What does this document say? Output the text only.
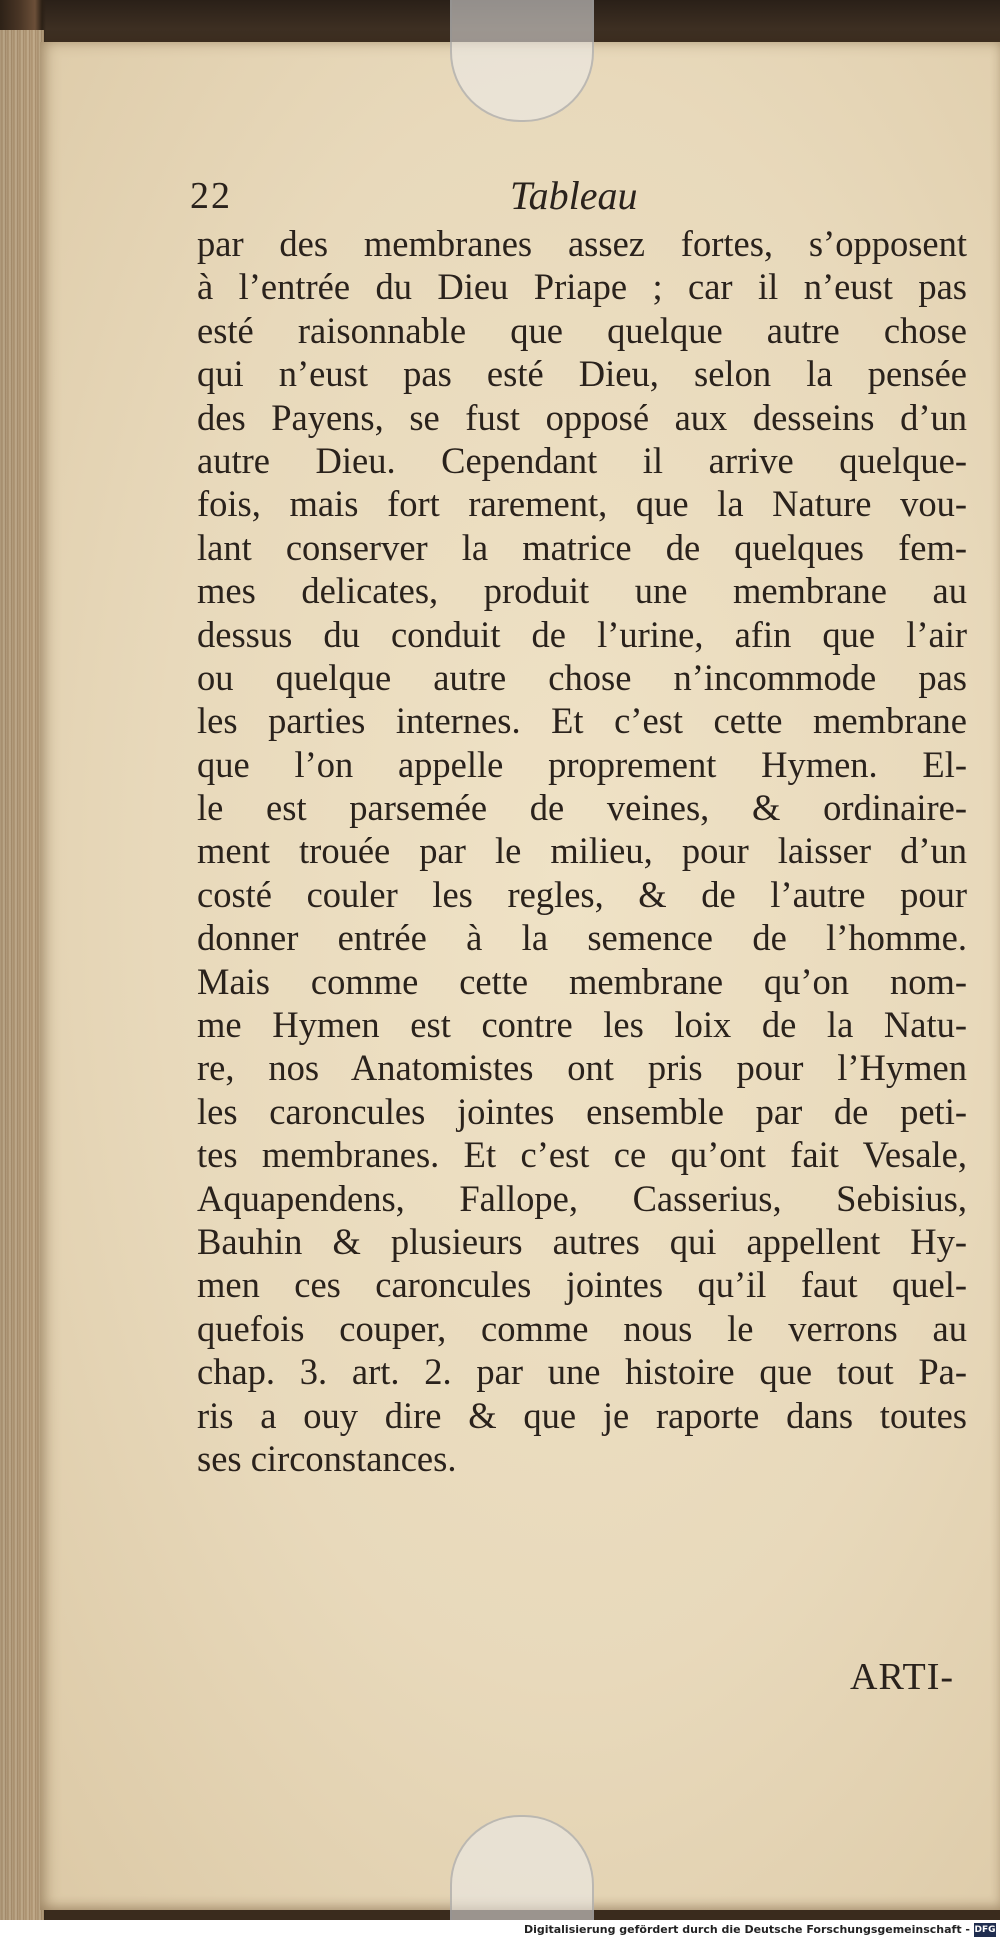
22	Tableau
par des membranes assez fortes, s’opposent
à l’entrée du Dieu Priape ; car il n’eust pas
esté raisonnable que quelque autre chose
qui n’eust pas esté Dieu, selon la pensée
des Payens, se fust opposé aux desseins d’un
autre Dieu. Cependant il arrive quelque-
fois, mais fort rarement, que la Nature vou-
lant conserver la matrice de quelques fem-
mes delicates, produit une membrane au
dessus du conduit de l’urine, afin que l’air
ou quelque autre chose n’incommode pas
les parties internes. Et c’est cette membrane
que l’on appelle proprement Hymen. El-
le est parsemée de veines, & ordinaire-
ment trouée par le milieu, pour laisser d’un
costé couler les regles, & de l’autre pour
donner entrée à la semence de l’homme.
Mais comme cette membrane qu’on nom-
me Hymen est contre les loix de la Natu-
re, nos Anatomistes ont pris pour l’Hymen
les caroncules jointes ensemble par de peti-
tes membranes. Et c’est ce qu’ont fait Vesale,
Aquapendens, Fallope, Casserius, Sebisius,
Bauhin & plusieurs autres qui appellent Hy-
men ces caroncules jointes qu’il faut quel-
quefois couper, comme nous le verrons au
chap. 3. art. 2. par une histoire que tout Pa-
ris a ouy dire & que je raporte dans toutes
ses circonstances.
ARTI-
Digitalisierung gefördert durch die Deutsche Forschungsgemeinschaft - DFG
